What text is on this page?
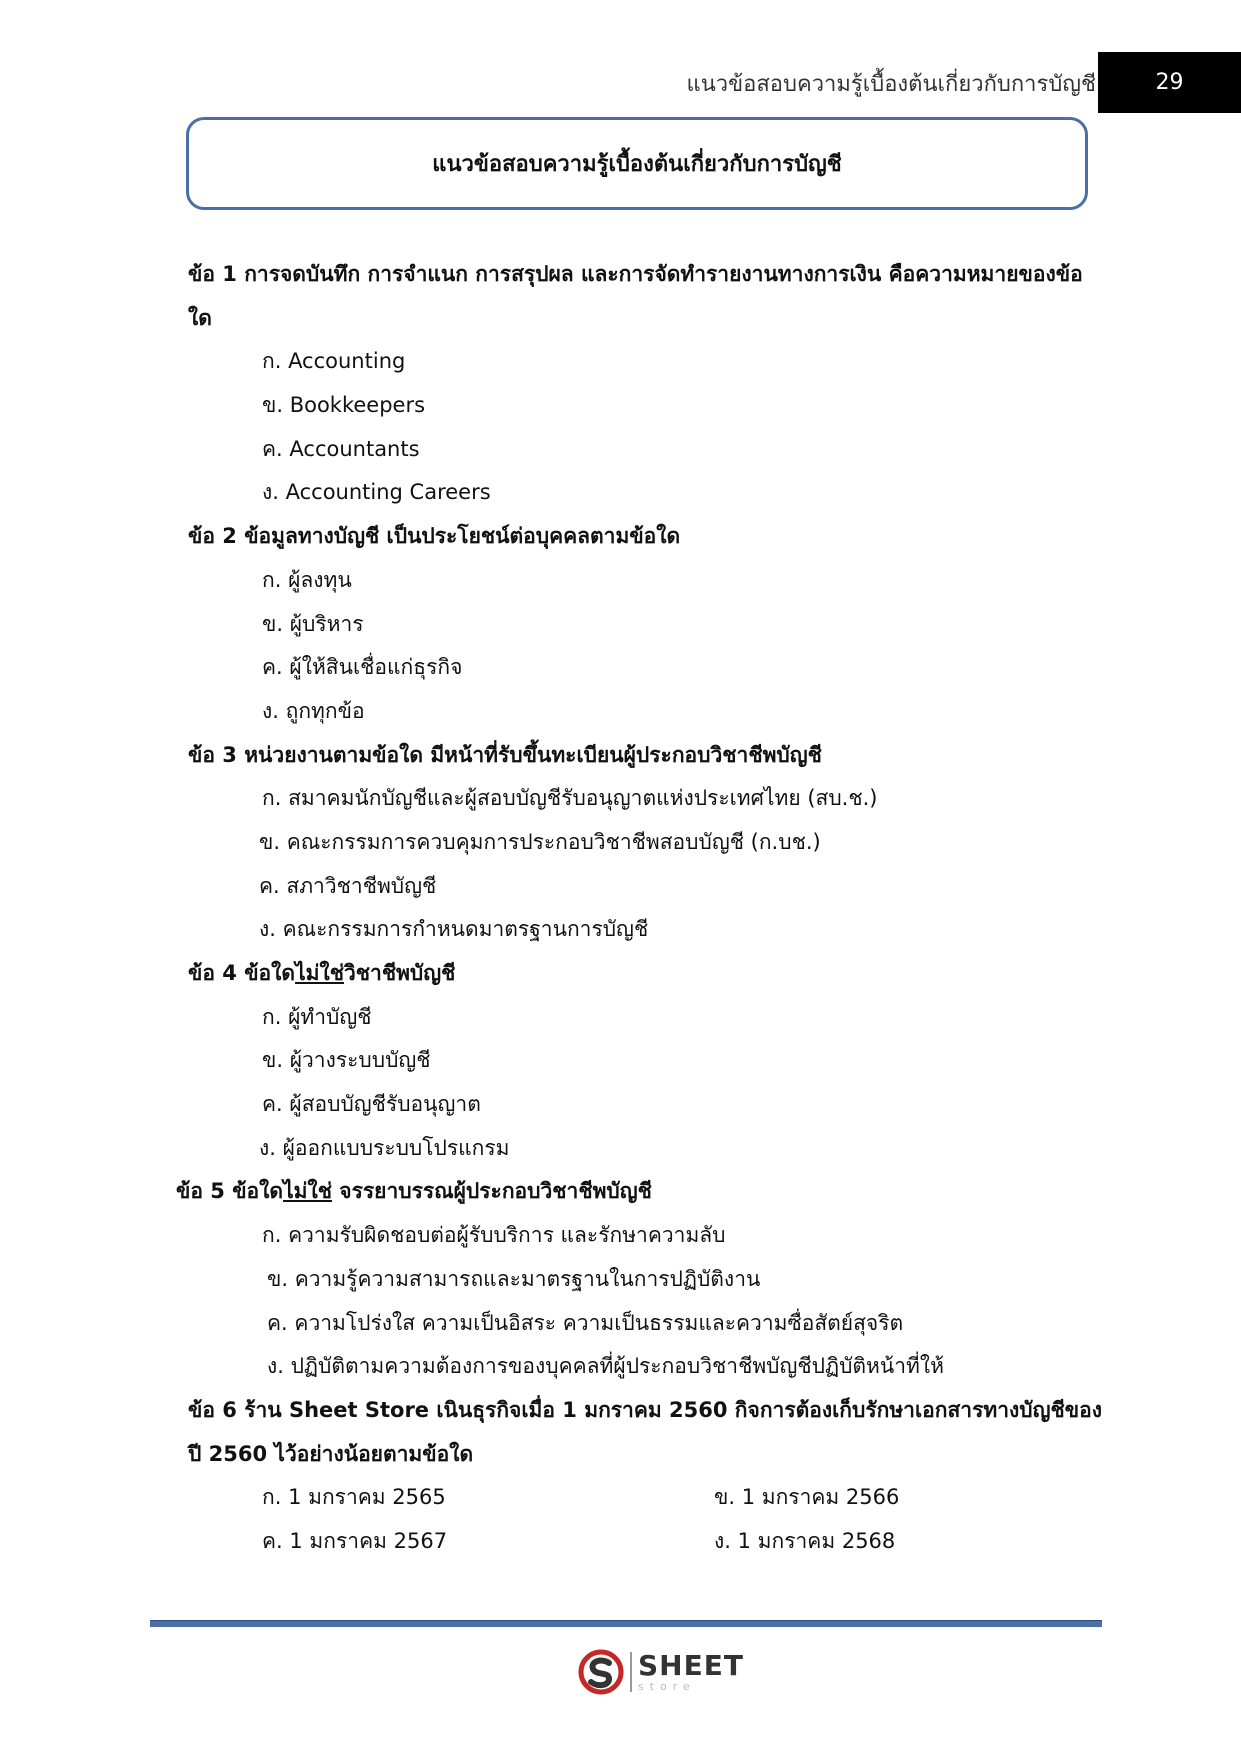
แนวข้อสอบความรู้เบื้องต้นเกี่ยวกับการบัญชี	29
แนวข้อสอบความรู้เบื้องต้นเกี่ยวกับการบัญชี
ข้อ 1 การจดบันทึก การจำแนก การสรุปผล และการจัดทำรายงานทางการเงิน คือความหมายของข้อ
ใด
ก. Accounting
ข. Bookkeepers
ค. Accountants
ง. Accounting Careers
ข้อ 2 ข้อมูลทางบัญชี เป็นประโยชน์ต่อบุคคลตามข้อใด
ก. ผู้ลงทุน
ข. ผู้บริหาร
ค. ผู้ให้สินเชื่อแก่ธุรกิจ
ง. ถูกทุกข้อ
ข้อ 3 หน่วยงานตามข้อใด มีหน้าที่รับขึ้นทะเบียนผู้ประกอบวิชาชีพบัญชี
ก. สมาคมนักบัญชีและผู้สอบบัญชีรับอนุญาตแห่งประเทศไทย (สบ.ช.)
ข. คณะกรรมการควบคุมการประกอบวิชาชีพสอบบัญชี (ก.บช.)
ค. สภาวิชาชีพบัญชี
ง. คณะกรรมการกำหนดมาตรฐานการบัญชี
ข้อ 4 ข้อใดไม่ใช่วิชาชีพบัญชี
ก. ผู้ทำบัญชี
ข. ผู้วางระบบบัญชี
ค. ผู้สอบบัญชีรับอนุญาต
ง. ผู้ออกแบบระบบโปรแกรม
ข้อ 5 ข้อใดไม่ใช่ จรรยาบรรณผู้ประกอบวิชาชีพบัญชี
ก. ความรับผิดชอบต่อผู้รับบริการ และรักษาความลับ
ข. ความรู้ความสามารถและมาตรฐานในการปฏิบัติงาน
ค. ความโปร่งใส ความเป็นอิสระ ความเป็นธรรมและความซื่อสัตย์สุจริต
ง. ปฏิบัติตามความต้องการของบุคคลที่ผู้ประกอบวิชาชีพบัญชีปฏิบัติหน้าที่ให้
ข้อ 6 ร้าน Sheet Store เนินธุรกิจเมื่อ 1 มกราคม 2560 กิจการต้องเก็บรักษาเอกสารทางบัญชีของ
ปี 2560 ไว้อย่างน้อยตามข้อใด
ก. 1 มกราคม 2565	ข. 1 มกราคม 2566
ค. 1 มกราคม 2567	ง. 1 มกราคม 2568
SHEET
store
